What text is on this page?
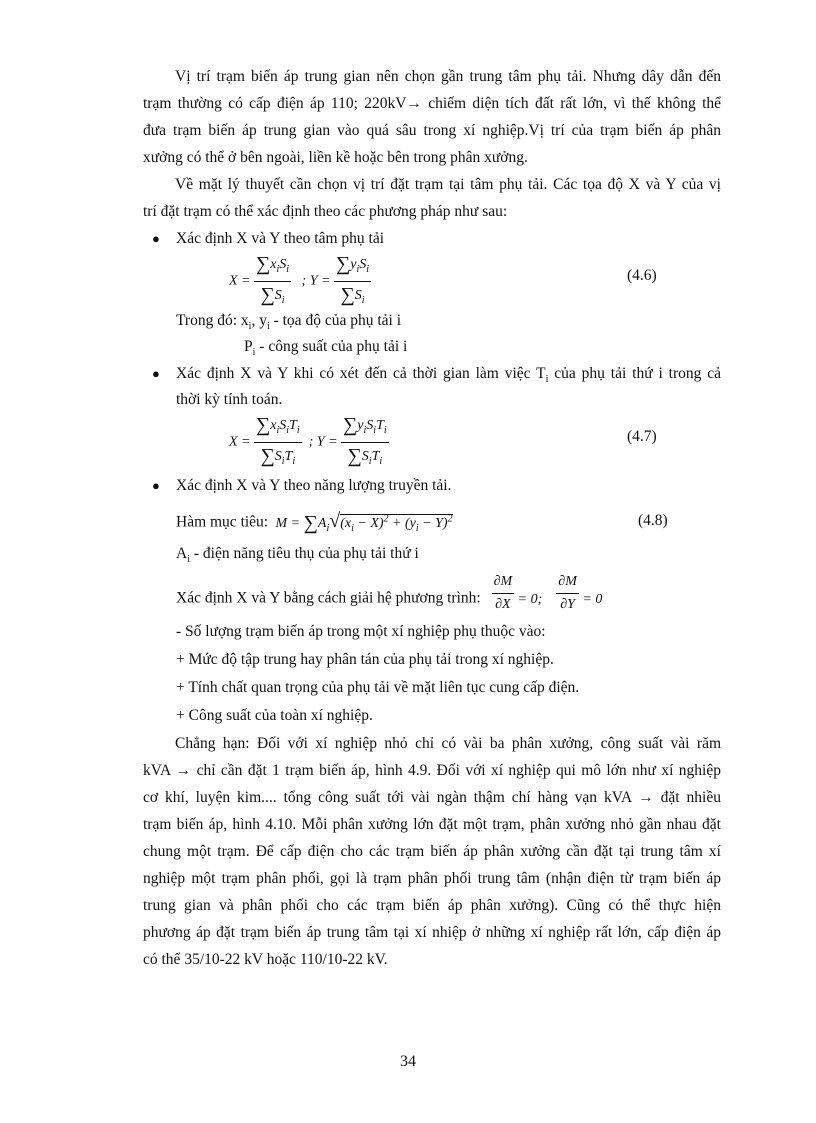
Vị trí trạm biến áp trung gian nên chọn gần trung tâm phụ tải. Nhưng dây dẫn đến
trạm thường có cấp điện áp 110; 220kV→ chiếm diện tích đất rất lớn, vì thế không thể
đưa trạm biến áp trung gian vào quá sâu trong xí nghiệp.Vị trí của trạm biến áp phân
xưởng có thể ở bên ngoài, liền kề hoặc bên trong phân xưởng.
Về mặt lý thuyết cần chọn vị trí đặt trạm tại tâm phụ tải. Các tọa độ X và Y của vị
trí đặt trạm có thể xác định theo các phương pháp như sau:
● Xác định X và Y theo tâm phụ tải
$X = \frac{\sum x_iS_i}{\sum S_i}$ ; $Y = \frac{\sum y_iS_i}{\sum S_i}$	(4.6)
Trong đó: $x_i$, $y_i$ - tọa độ của phụ tải i
$P_i$ - công suất của phụ tải i
● Xác định X và Y khi có xét đến cả thời gian làm việc $T_i$ của phụ tải thứ i trong cả
thời kỳ tính toán.
$X = \frac{\sum x_iS_iT_i}{\sum S_iT_i}$ ; $Y = \frac{\sum y_iS_iT_i}{\sum S_iT_i}$	(4.7)
● Xác định X và Y theo năng lượng truyền tải.
Hàm mục tiêu:  $M = \sum A_i√(x_i - X)^2 + (y_i - Y)^2$	(4.8)
$A_i$ - điện năng tiêu thụ của phụ tải thứ i
Xác định X và Y bằng cách giải hệ phương trình: $\frac{\partial M}{\partial X} = 0$; $\frac{\partial M}{\partial Y} = 0$
- Số lượng trạm biến áp trong một xí nghiệp phụ thuộc vào:
+ Mức độ tập trung hay phân tán của phụ tải trong xí nghiệp.
+ Tính chất quan trọng của phụ tải về mặt liên tục cung cấp điện.
+ Công suất của toàn xí nghiệp.
Chẳng hạn: Đối với xí nghiệp nhỏ chỉ có vài ba phân xưởng, công suất vài răm
kVA → chỉ cần đặt 1 trạm biến áp, hình 4.9. Đối với xí nghiệp qui mô lớn như xí nghiệp
cơ khí, luyện kim.... tổng công suất tới vài ngàn thậm chí hàng vạn kVA → đặt nhiều
trạm biến áp, hình 4.10. Mỗi phân xưởng lớn đặt một trạm, phân xưởng nhỏ gần nhau đặt
chung một trạm. Để cấp điện cho các trạm biến áp phân xưởng cần đặt tại trung tâm xí
nghiệp một trạm phân phối, gọi là trạm phân phối trung tâm (nhận điện từ trạm biến áp
trung gian và phân phối cho các trạm biến áp phân xưởng). Cũng có thể thực hiện
phương áp đặt trạm biến áp trung tâm tại xí nhiệp ở những xí nghiệp rất lớn, cấp điện áp
có thể 35/10-22 kV hoặc 110/10-22 kV.
34
